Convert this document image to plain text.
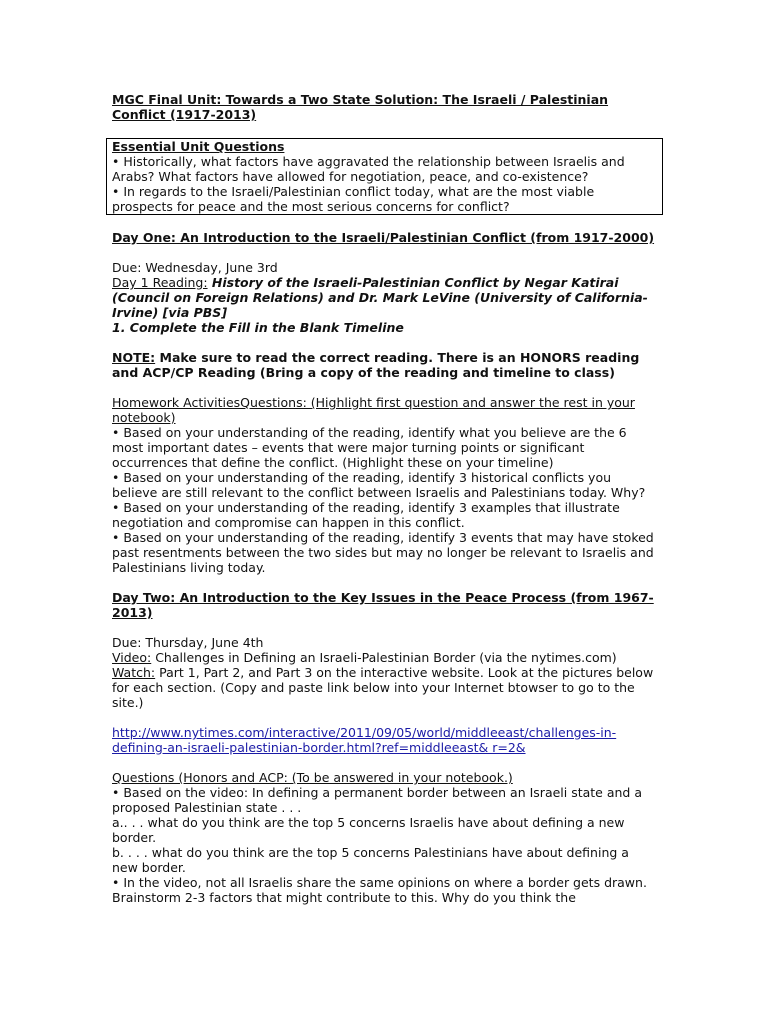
MGC Final Unit: Towards a Two State Solution: The Israeli / Palestinian Conflict (1917-2013)

Essential Unit Questions

• Historically, what factors have aggravated the relationship between Israelis and Arabs? What factors have allowed for negotiation, peace, and co-existence?

• In regards to the Israeli/Palestinian conflict today, what are the most viable prospects for peace and the most serious concerns for conflict?

Day One: An Introduction to the Israeli/Palestinian Conflict (from 1917-2000)

Due: Wednesday, June 3rd

Day 1 Reading: History of the Israeli-Palestinian Conflict by Negar Katirai (Council on Foreign Relations) and Dr. Mark LeVine (University of California-Irvine) [via PBS]

1. Complete the Fill in the Blank Timeline

NOTE: Make sure to read the correct reading. There is an HONORS reading and ACP/CP Reading (Bring a copy of the reading and timeline to class)

Homework ActivitiesQuestions: (Highlight first question and answer the rest in your notebook)

• Based on your understanding of the reading, identify what you believe are the 6 most important dates – events that were major turning points or significant occurrences that define the conflict. (Highlight these on your timeline)

• Based on your understanding of the reading, identify 3 historical conflicts you believe are still relevant to the conflict between Israelis and Palestinians today. Why?

• Based on your understanding of the reading, identify 3 examples that illustrate negotiation and compromise can happen in this conflict.

• Based on your understanding of the reading, identify 3 events that may have stoked past resentments between the two sides but may no longer be relevant to Israelis and Palestinians living today.

Day Two: An Introduction to the Key Issues in the Peace Process (from 1967-2013)

Due: Thursday, June 4th

Video: Challenges in Defining an Israeli-Palestinian Border (via the nytimes.com)

Watch: Part 1, Part 2, and Part 3 on the interactive website. Look at the pictures below for each section. (Copy and paste link below into your Internet btowser to go to the site.)

http://www.nytimes.com/interactive/2011/09/05/world/middleeast/challenges-in-defining-an-israeli-palestinian-border.html?ref=middleeast& r=2&

Questions (Honors and ACP: (To be answered in your notebook.)

• Based on the video: In defining a permanent border between an Israeli state and a proposed Palestinian state . . .

a.. . . what do you think are the top 5 concerns Israelis have about defining a new border.

b. . . . what do you think are the top 5 concerns Palestinians have about defining a new border.

• In the video, not all Israelis share the same opinions on where a border gets drawn. Brainstorm 2-3 factors that might contribute to this. Why do you think the
